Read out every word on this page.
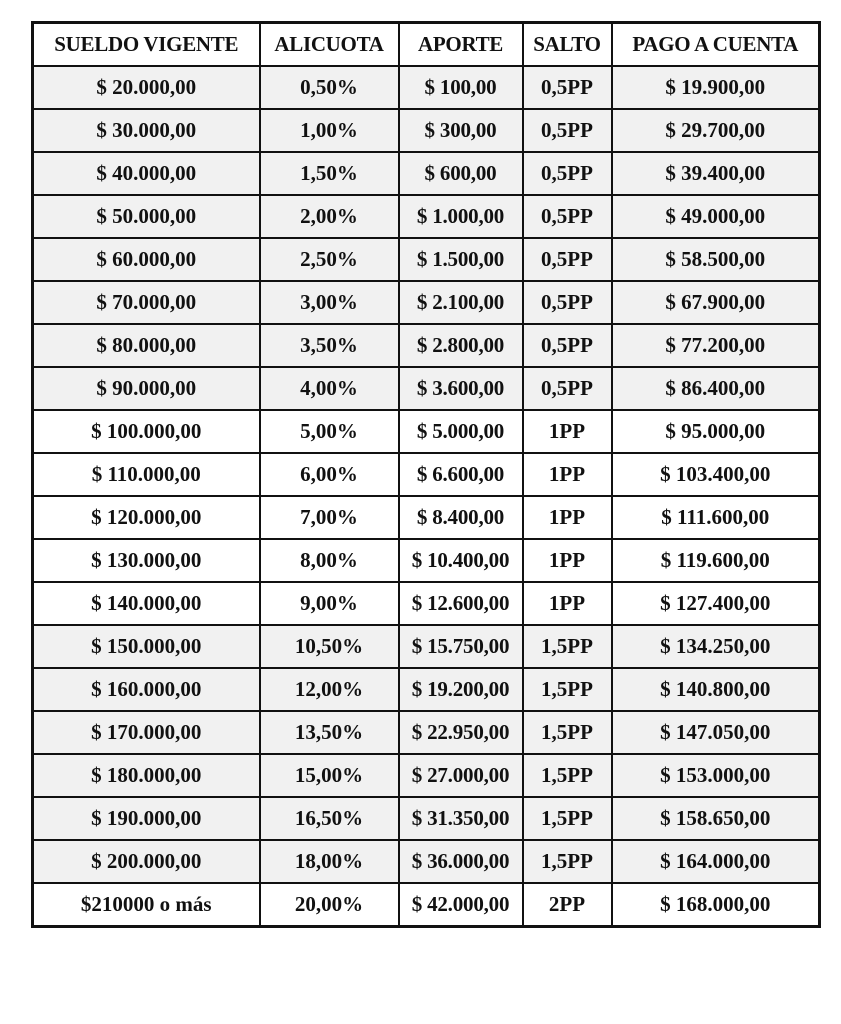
SUELDO VIGENTE	ALICUOTA	APORTE	SALTO	PAGO A CUENTA
$ 20.000,00	0,50%	$ 100,00	0,5PP	$ 19.900,00
$ 30.000,00	1,00%	$ 300,00	0,5PP	$ 29.700,00
$ 40.000,00	1,50%	$ 600,00	0,5PP	$ 39.400,00
$ 50.000,00	2,00%	$ 1.000,00	0,5PP	$ 49.000,00
$ 60.000,00	2,50%	$ 1.500,00	0,5PP	$ 58.500,00
$ 70.000,00	3,00%	$ 2.100,00	0,5PP	$ 67.900,00
$ 80.000,00	3,50%	$ 2.800,00	0,5PP	$ 77.200,00
$ 90.000,00	4,00%	$ 3.600,00	0,5PP	$ 86.400,00
$ 100.000,00	5,00%	$ 5.000,00	1PP	$ 95.000,00
$ 110.000,00	6,00%	$ 6.600,00	1PP	$ 103.400,00
$ 120.000,00	7,00%	$ 8.400,00	1PP	$ 111.600,00
$ 130.000,00	8,00%	$ 10.400,00	1PP	$ 119.600,00
$ 140.000,00	9,00%	$ 12.600,00	1PP	$ 127.400,00
$ 150.000,00	10,50%	$ 15.750,00	1,5PP	$ 134.250,00
$ 160.000,00	12,00%	$ 19.200,00	1,5PP	$ 140.800,00
$ 170.000,00	13,50%	$ 22.950,00	1,5PP	$ 147.050,00
$ 180.000,00	15,00%	$ 27.000,00	1,5PP	$ 153.000,00
$ 190.000,00	16,50%	$ 31.350,00	1,5PP	$ 158.650,00
$ 200.000,00	18,00%	$ 36.000,00	1,5PP	$ 164.000,00
$210000 o más	20,00%	$ 42.000,00	2PP	$ 168.000,00
